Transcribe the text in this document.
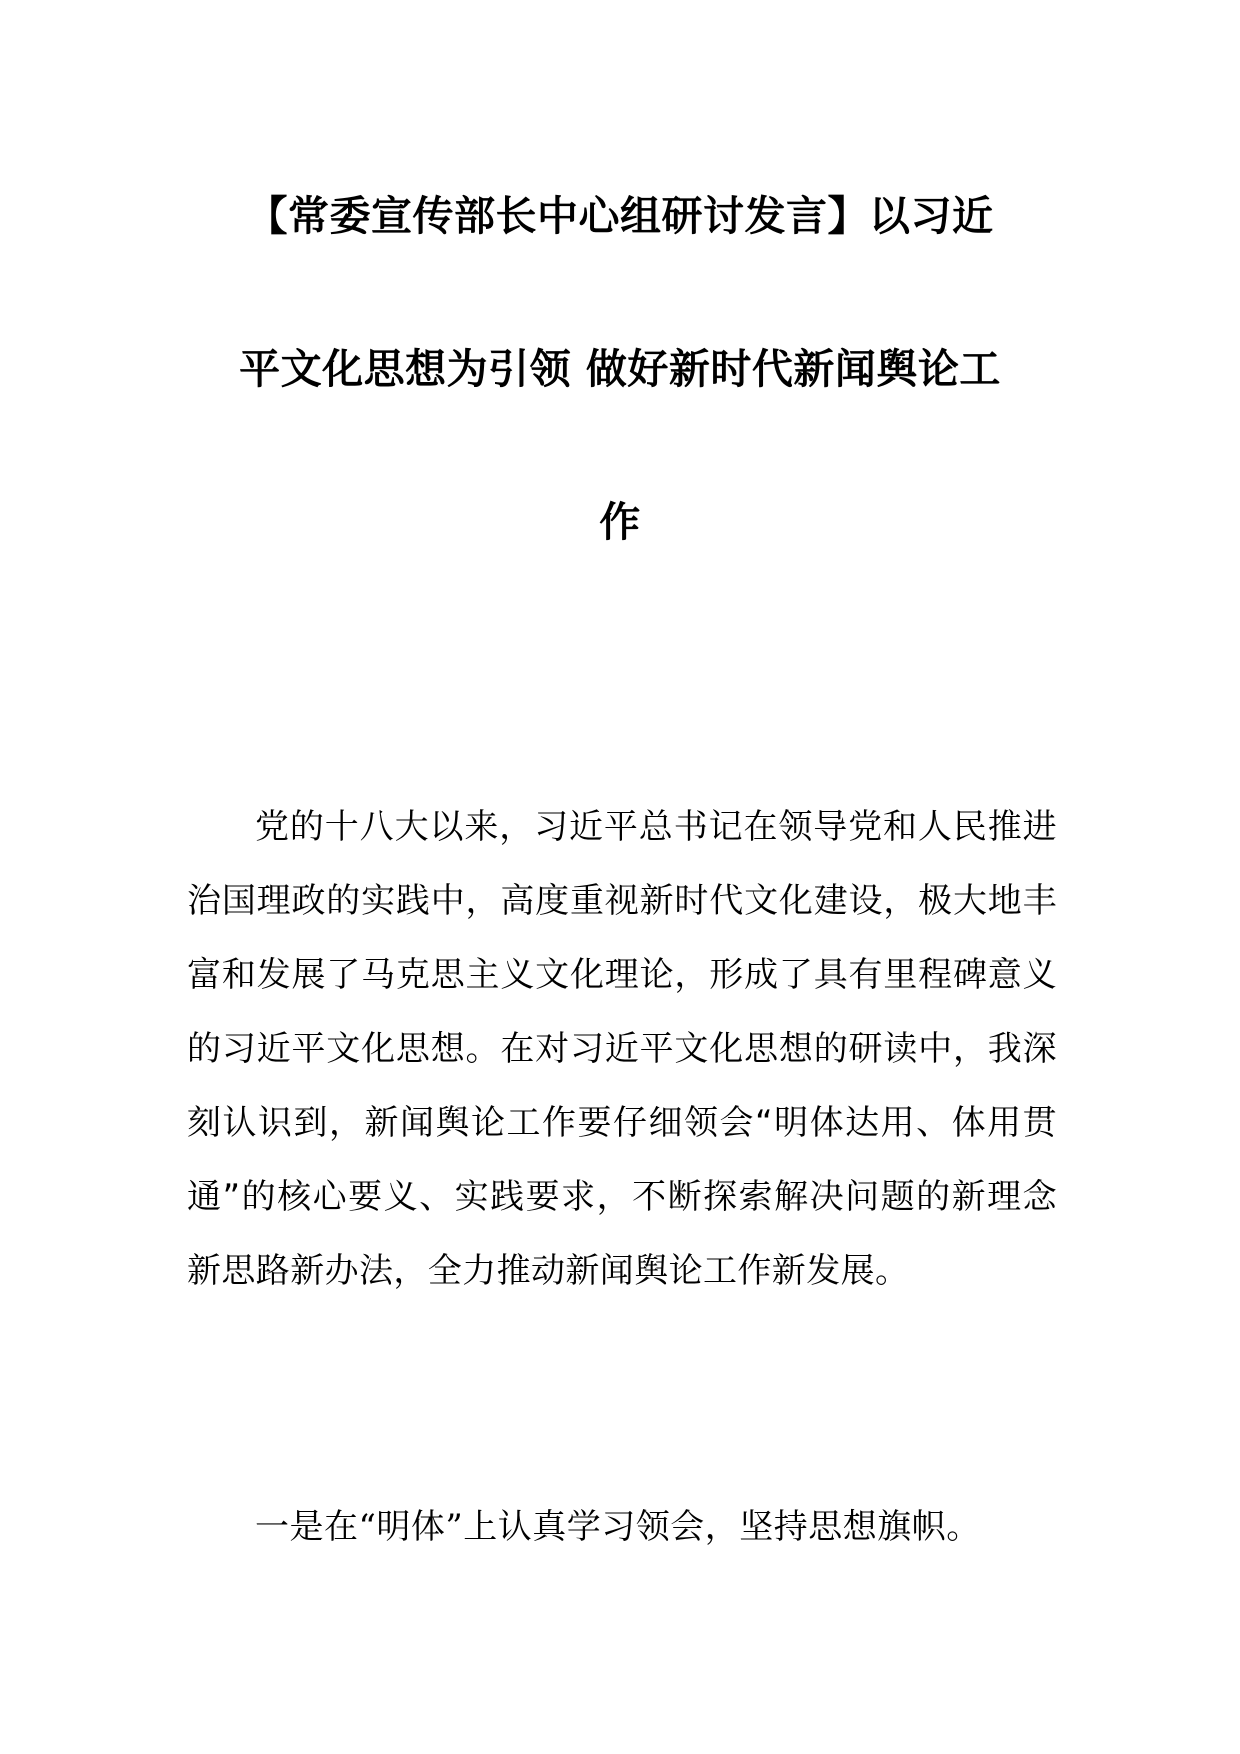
【常委宣传部长中心组研讨发言】以习近
平文化思想为引领 做好新时代新闻舆论工
作

党的十八大以来，习近平总书记在领导党和人民推进治国理政的实践中，高度重视新时代文化建设，极大地丰富和发展了马克思主义文化理论，形成了具有里程碑意义的习近平文化思想。在对习近平文化思想的研读中，我深刻认识到，新闻舆论工作要仔细领会“明体达用、体用贯通”的核心要义、实践要求，不断探索解决问题的新理念新思路新办法，全力推动新闻舆论工作新发展。

一是在“明体”上认真学习领会，坚持思想旗帜。
